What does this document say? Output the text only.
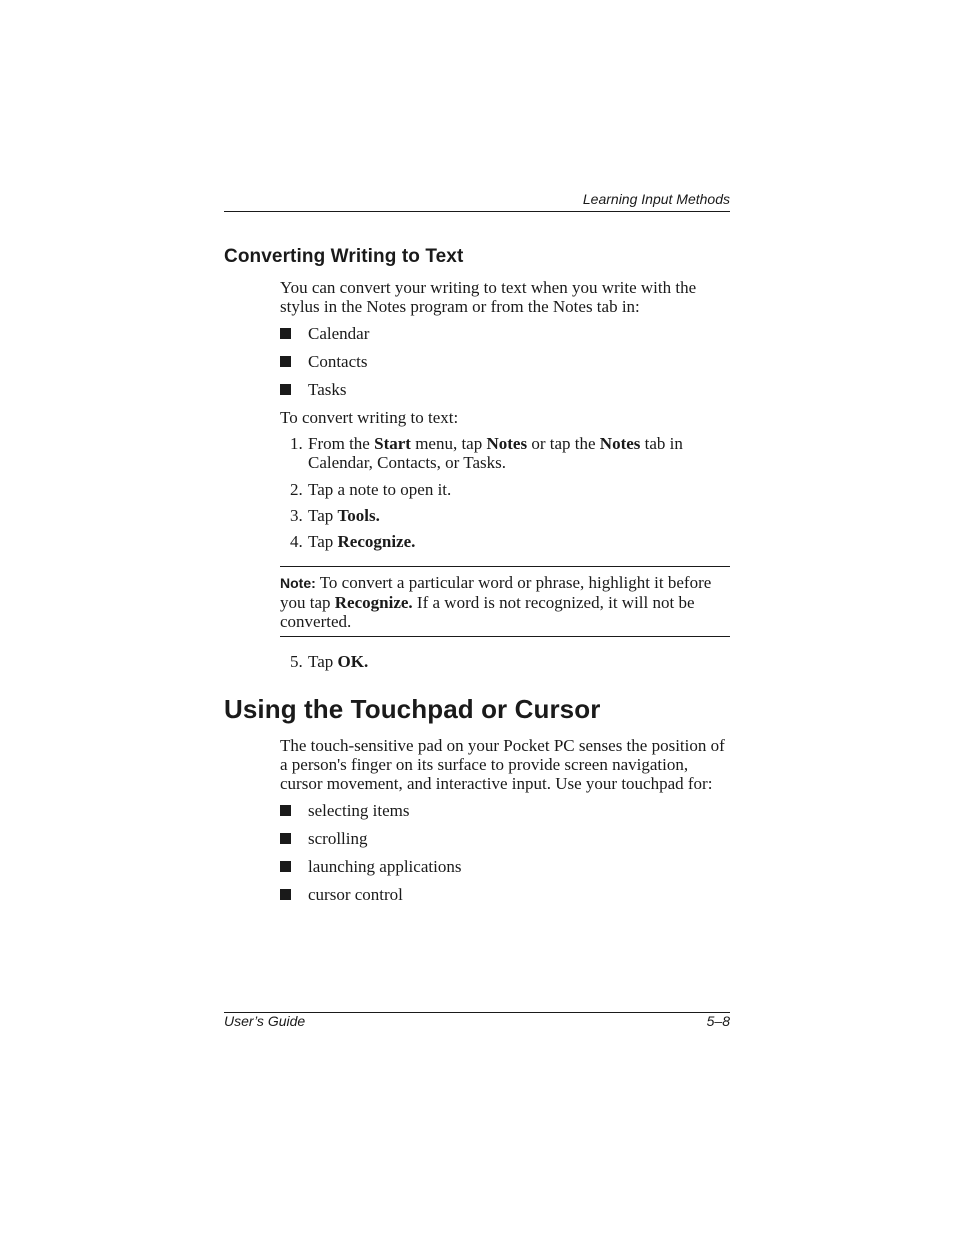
Learning Input Methods
Converting Writing to Text
You can convert your writing to text when you write with the stylus in the Notes program or from the Notes tab in:
Calendar
Contacts
Tasks
To convert writing to text:
1. From the Start menu, tap Notes or tap the Notes tab in Calendar, Contacts, or Tasks.
2. Tap a note to open it.
3. Tap Tools.
4. Tap Recognize.
Note: To convert a particular word or phrase, highlight it before you tap Recognize. If a word is not recognized, it will not be converted.
5. Tap OK.
Using the Touchpad or Cursor
The touch-sensitive pad on your Pocket PC senses the position of a person's finger on its surface to provide screen navigation, cursor movement, and interactive input. Use your touchpad for:
selecting items
scrolling
launching applications
cursor control
User’s Guide	5–8
